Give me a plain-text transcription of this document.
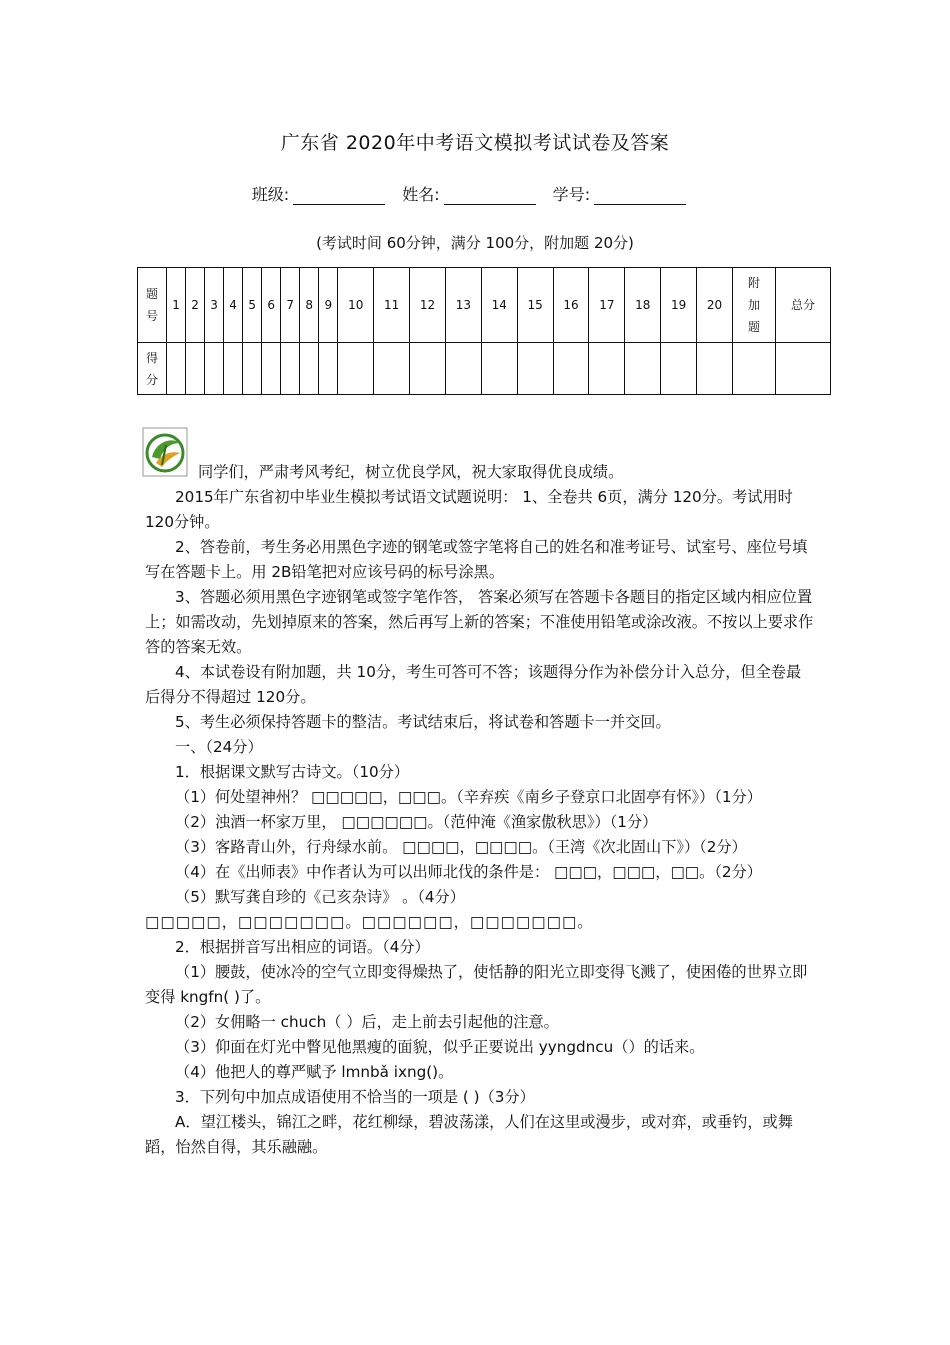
广东省 2020年中考语文模拟考试试卷及答案
班级:	姓名:	学号:
(考试时间 60分钟，满分 100分，附加题 20分)
题号	1	2	3	4	5	6	7	8	9	10	11	12	13	14	15	16	17	18	19	20	附加题	总分
得分																						

同学们，严肃考风考纪，树立优良学风，祝大家取得优良成绩。

2015年广东省初中毕业生模拟考试语文试题说明： 1、全卷共 6页，满分 120分。考试用时 120分钟。

2、答卷前，考生务必用黑色字迹的钢笔或签字笔将自己的姓名和准考证号、试室号、座位号填写在答题卡上。用 2B铅笔把对应该号码的标号涂黑。

3、答题必须用黑色字迹钢笔或签字笔作答， 答案必须写在答题卡各题目的指定区域内相应位置上；如需改动，先划掉原来的答案，然后再写上新的答案；不准使用铅笔或涂改液。不按以上要求作答的答案无效。

4、本试卷设有附加题，共 10分，考生可答可不答；该题得分作为补偿分计入总分，但全卷最后得分不得超过 120分。

5、考生必须保持答题卡的整洁。考试结束后，将试卷和答题卡一并交回。

一、（24分）

1．根据课文默写古诗文。（10分）

（1）何处望神州？ □□□□□，□□□。（辛弃疾《南乡子登京口北固亭有怀》）（1分）

（2）浊酒一杯家万里， □□□□□□。（范仲淹《渔家傲秋思》）（1分）

（3）客路青山外，行舟绿水前。 □□□□，□□□□。（王湾《次北固山下》）（2分）

（4）在《出师表》中作者认为可以出师北伐的条件是： □□□，□□□，□□。（2分）

（5）默写龚自珍的《己亥杂诗》 。（4分）

□□□□□，□□□□□□□。□□□□□□，□□□□□□□。

2．根据拼音写出相应的词语。（4分）

（1）腰鼓，使冰冷的空气立即变得燥热了，使恬静的阳光立即变得飞溅了，使困倦的世界立即变得 kngfn( )了。

（2）女佣略一 chuch（ ）后，走上前去引起他的注意。

（3）仰面在灯光中瞥见他黑瘦的面貌，似乎正要说出 yyngdncu（）的话来。

（4）他把人的尊严赋予 lmnbǎ ixng()。

3．下列句中加点成语使用不恰当的一项是 ( )（3分）

A．望江楼头，锦江之畔，花红柳绿，碧波荡漾，人们在这里或漫步，或对弈，或垂钓，或舞蹈，怡然自得，其乐融融。
